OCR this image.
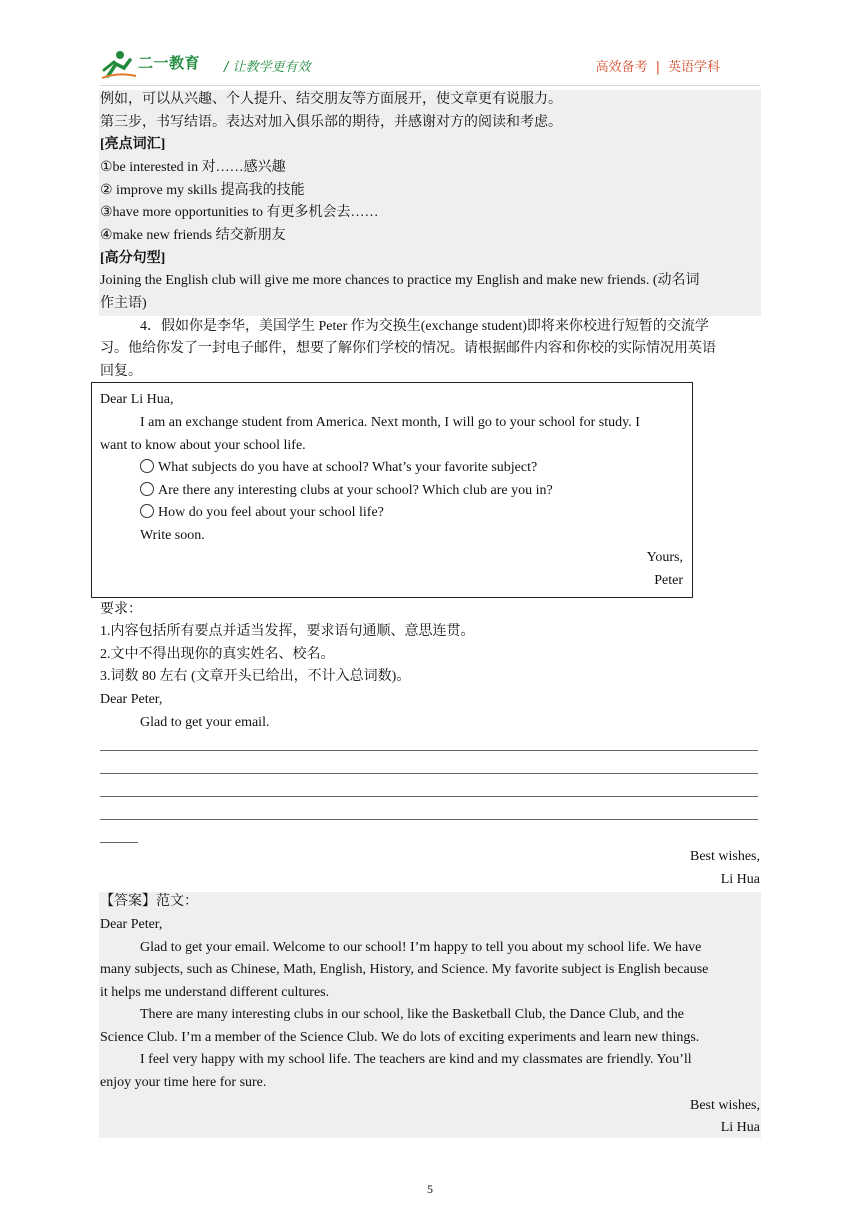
二一教育 / 让教学更有效	高效备考 | 英语学科
例如，可以从兴趣、个人提升、结交朋友等方面展开，使文章更有说服力。
第三步，书写结语。表达对加入俱乐部的期待，并感谢对方的阅读和考虑。
[亮点词汇]
①be interested in 对……感兴趣
② improve my skills 提高我的技能
③have more opportunities to 有更多机会去……
④make new friends 结交新朋友
[高分句型]
Joining the English club will give me more chances to practice my English and make new friends. (动名词
作主语)
4．假如你是李华，美国学生 Peter 作为交换生(exchange student)即将来你校进行短暂的交流学
习。他给你发了一封电子邮件，想要了解你们学校的情况。请根据邮件内容和你校的实际情况用英语
回复。
Dear Li Hua,
I am an exchange student from America. Next month, I will go to your school for study. I
want to know about your school life.
What subjects do you have at school? What’s your favorite subject?
Are there any interesting clubs at your school? Which club are you in?
How do you feel about your school life?
Write soon.
Yours,
Peter
要求：
1.内容包括所有要点并适当发挥，要求语句通顺、意思连贯。
2.文中不得出现你的真实姓名、校名。
3.词数 80 左右 (文章开头已给出，不计入总词数)。
Dear Peter,
Glad to get your email.
Best wishes,
Li Hua
【答案】范文：
Dear Peter,
Glad to get your email. Welcome to our school! I’m happy to tell you about my school life. We have
many subjects, such as Chinese, Math, English, History, and Science. My favorite subject is English because
it helps me understand different cultures.
There are many interesting clubs in our school, like the Basketball Club, the Dance Club, and the
Science Club. I’m a member of the Science Club. We do lots of exciting experiments and learn new things.
I feel very happy with my school life. The teachers are kind and my classmates are friendly. You’ll
enjoy your time here for sure.
Best wishes,
Li Hua
5
